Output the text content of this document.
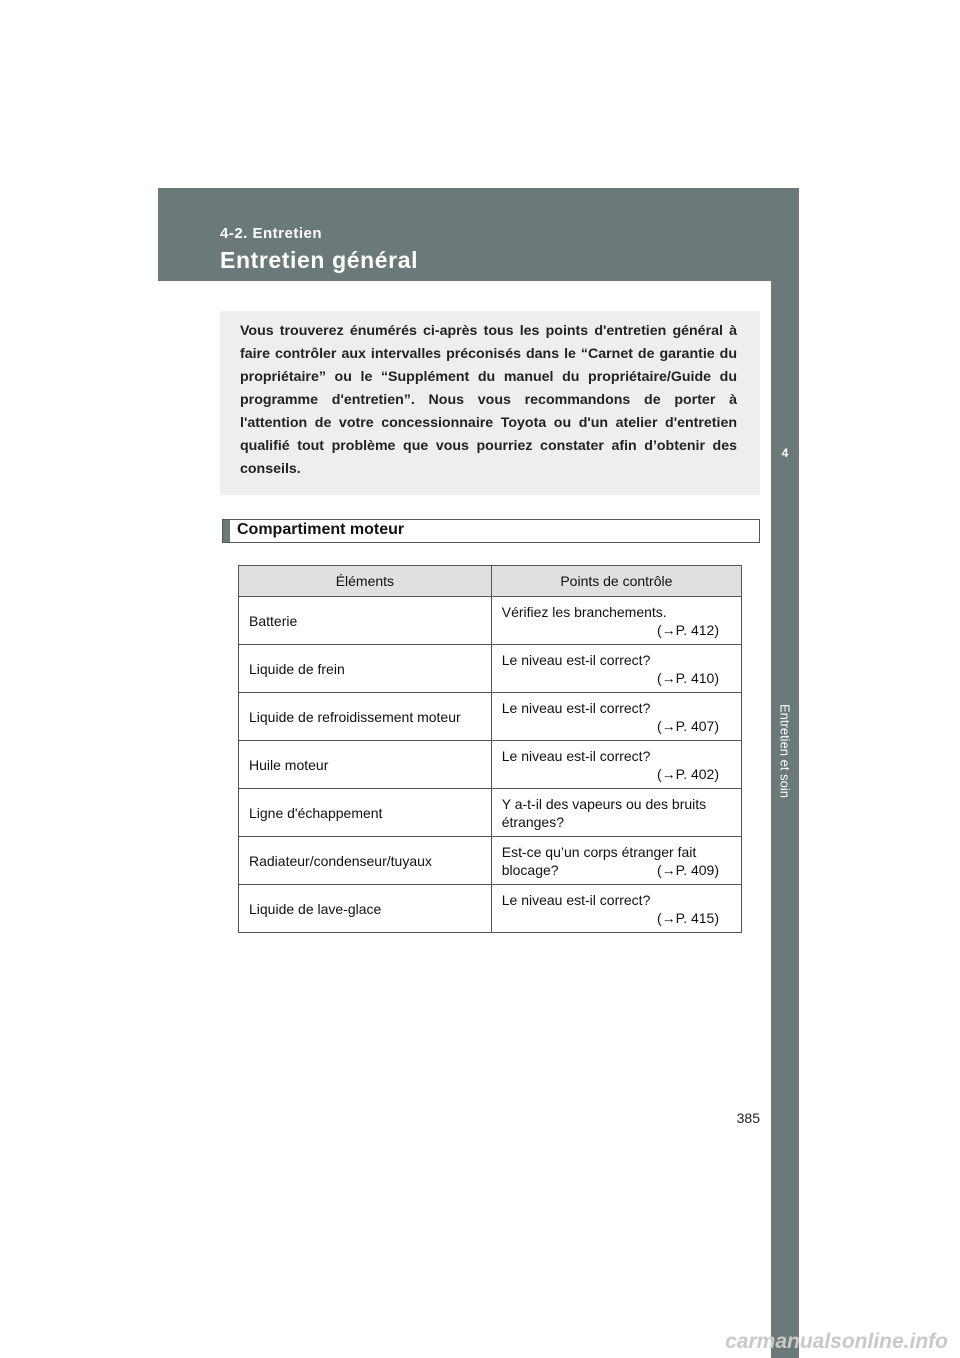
4-2. Entretien
Entretien général
4
Entretien et soin
Vous trouverez énumérés ci-après tous les points d'entretien général à faire contrôler aux intervalles préconisés dans le “Carnet de garantie du propriétaire” ou le “Supplément du manuel du propriétaire/Guide du programme d'entretien”. Nous vous recommandons de porter à l'attention de votre concessionnaire Toyota ou d'un atelier d'entretien qualifié tout problème que vous pourriez constater afin d’obtenir des conseils.
Compartiment moteur
Éléments	Points de contrôle
Batterie	Vérifiez les branchements.
(→P. 412)

Liquide de frein	Le niveau est-il correct?
(→P. 410)

Liquide de refroidissement moteur	Le niveau est-il correct?
(→P. 407)

Huile moteur	Le niveau est-il correct?
(→P. 402)

Ligne d'échappement	Y a-t-il des vapeurs ou des bruits étranges?

Radiateur/condenseur/tuyaux	Est-ce qu’un corps étranger fait
blocage? (→P. 409)

Liquide de lave-glace	Le niveau est-il correct?
(→P. 415)
385
carmanualsonline.info
